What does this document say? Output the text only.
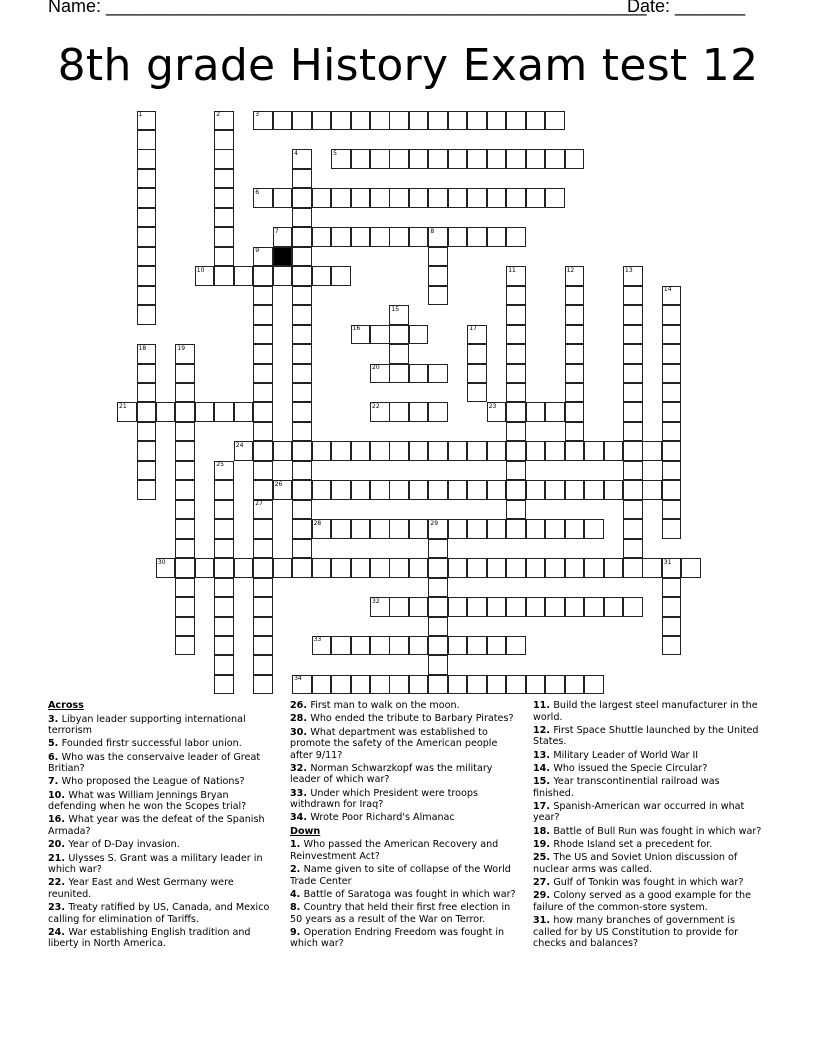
Name: ______________________________________________________
Date: _______
8th grade History Exam test 12
1	2	3
4	5
6
7	8
9
10	11	12	13
14
15
16	17
18	19
20
21	22	23
24
25
26
27
28	29
30	31
32
33
34
Across
3. Libyan leader supporting international terrorism
5. Founded firstr successful labor union.
6. Who was the conservaive leader of Great Britian?
7. Who proposed the League of Nations?
10. What was William Jennings Bryan defending when he won the Scopes trial?
16. What year was the defeat of the Spanish Armada?
20. Year of D-Day invasion.
21. Ulysses S. Grant was a military leader in which war?
22. Year East and West Germany were reunited.
23. Treaty ratified by US, Canada, and Mexico calling for elimination of Tariffs.
24. War establishing English tradition and liberty in North America.
26. First man to walk on the moon.
28. Who ended the tribute to Barbary Pirates?
30. What department was established to promote the safety of the American people after 9/11?
32. Norman Schwarzkopf was the military leader of which war?
33. Under which President were troops withdrawn for Iraq?
34. Wrote Poor Richard's Almanac
Down
1. Who passed the American Recovery and Reinvestment Act?
2. Name given to site of collapse of the World Trade Center
4. Battle of Saratoga was fought in which war?
8. Country that held their first free election in 50 years as a result of the War on Terror.
9. Operation Endring Freedom was fought in which war?
11. Build the largest steel manufacturer in the world.
12. First Space Shuttle launched by the United States.
13. Military Leader of World War II
14. Who issued the Specie Circular?
15. Year transcontinential railroad was finished.
17. Spanish-American war occurred in what year?
18. Battle of Bull Run was fought in which war?
19. Rhode Island set a precedent for.
25. The US and Soviet Union discussion of nuclear arms was called.
27. Gulf of Tonkin was fought in which war?
29. Colony served as a good example for the failure of the common-store system.
31. how many branches of government is called for by US Constitution to provide for checks and balances?
